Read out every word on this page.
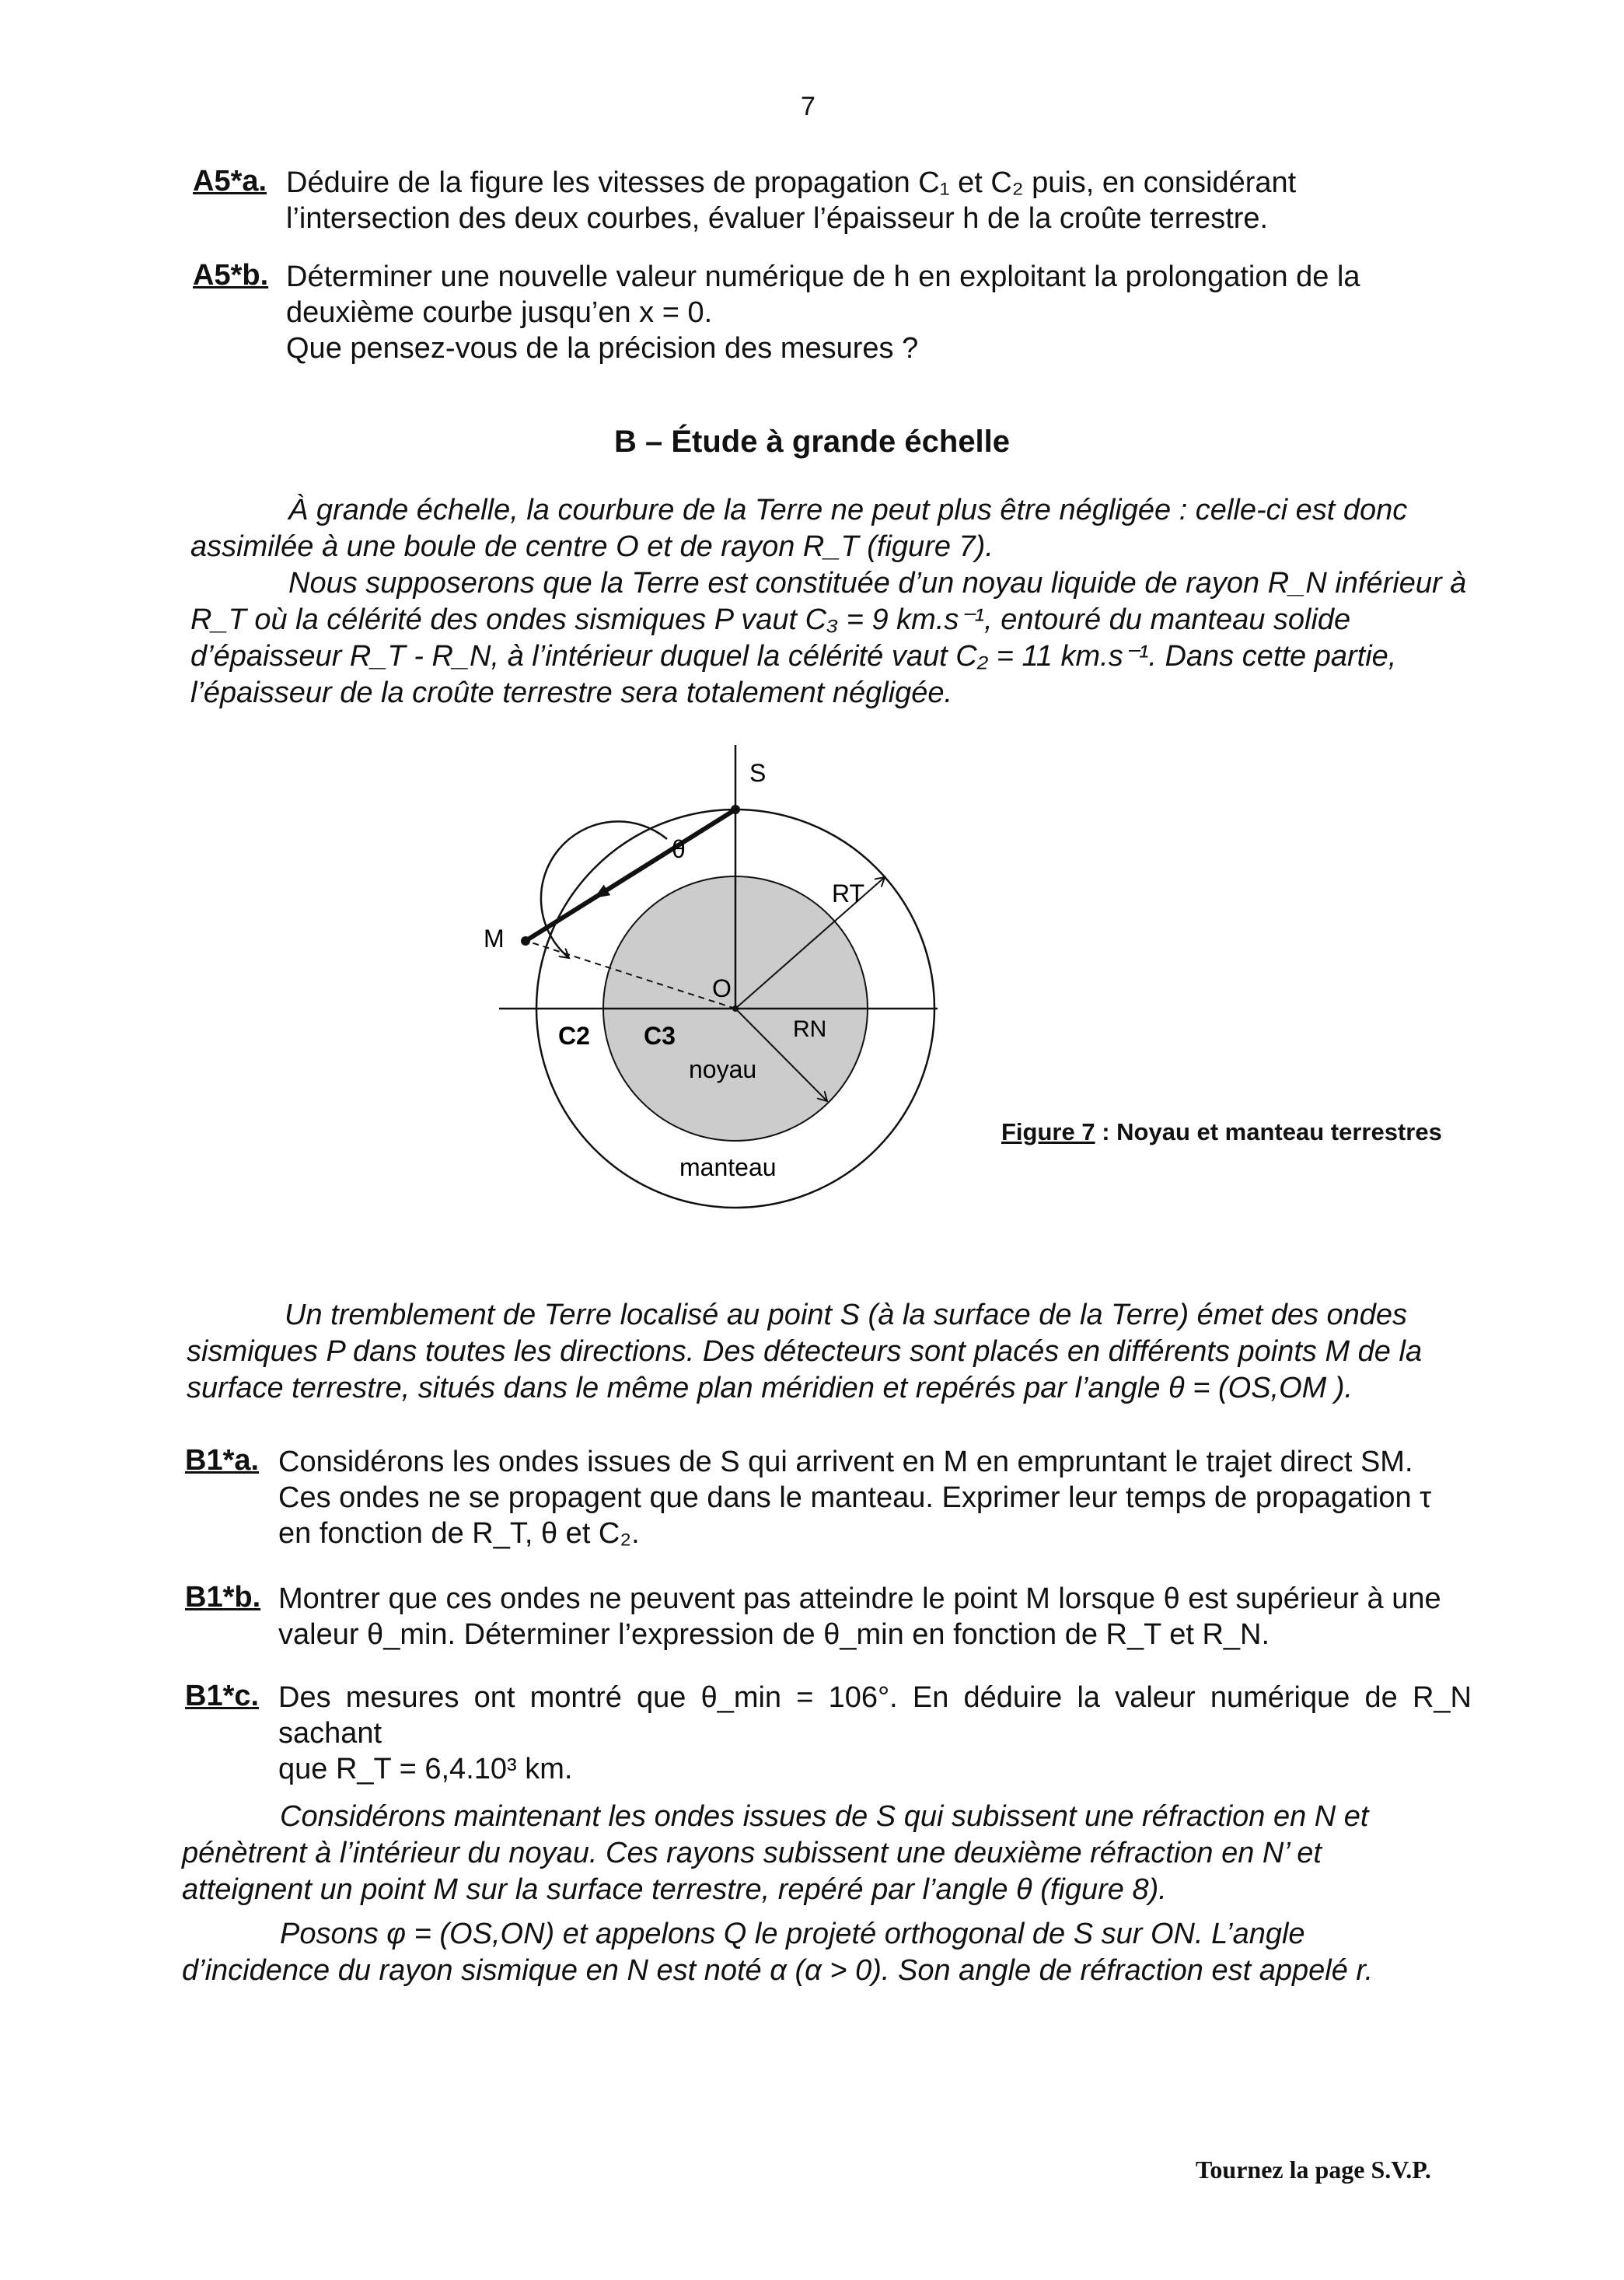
7
A5*a. Déduire de la figure les vitesses de propagation C₁ et C₂ puis, en considérant
l’intersection des deux courbes, évaluer l’épaisseur h de la croûte terrestre.
A5*b. Déterminer une nouvelle valeur numérique de h en exploitant la prolongation de la
deuxième courbe jusqu’en x = 0.
Que pensez-vous de la précision des mesures ?
B – Étude à grande échelle
À grande échelle, la courbure de la Terre ne peut plus être négligée : celle-ci est donc
assimilée à une boule de centre O et de rayon R_T (figure 7).
Nous supposerons que la Terre est constituée d’un noyau liquide de rayon R_N inférieur à
R_T où la célérité des ondes sismiques P vaut C₃ = 9 km.s⁻¹, entouré du manteau solide
d’épaisseur R_T - R_N, à l’intérieur duquel la célérité vaut C₂ = 11 km.s⁻¹. Dans cette partie,
l’épaisseur de la croûte terrestre sera totalement négligée.
S
M
O
θ
RT
RN
C2 C3
noyau
manteau
Figure 7 : Noyau et manteau terrestres
Un tremblement de Terre localisé au point S (à la surface de la Terre) émet des ondes
sismiques P dans toutes les directions. Des détecteurs sont placés en différents points M de la
surface terrestre, situés dans le même plan méridien et repérés par l’angle θ = (OS,OM ).
B1*a. Considérons les ondes issues de S qui arrivent en M en empruntant le trajet direct SM.
Ces ondes ne se propagent que dans le manteau. Exprimer leur temps de propagation τ
en fonction de R_T, θ et C₂.
B1*b. Montrer que ces ondes ne peuvent pas atteindre le point M lorsque θ est supérieur à une
valeur θ_min. Déterminer l’expression de θ_min en fonction de R_T et R_N.
B1*c. Des mesures ont montré que θ_min = 106°. En déduire la valeur numérique de R_N sachant
que R_T = 6,4.10³ km.
Considérons maintenant les ondes issues de S qui subissent une réfraction en N et
pénètrent à l’intérieur du noyau. Ces rayons subissent une deuxième réfraction en N’ et
atteignent un point M sur la surface terrestre, repéré par l’angle θ (figure 8).
Posons φ = (OS,ON) et appelons Q le projeté orthogonal de S sur ON. L’angle
d’incidence du rayon sismique en N est noté α (α > 0). Son angle de réfraction est appelé r.
Tournez la page S.V.P.
